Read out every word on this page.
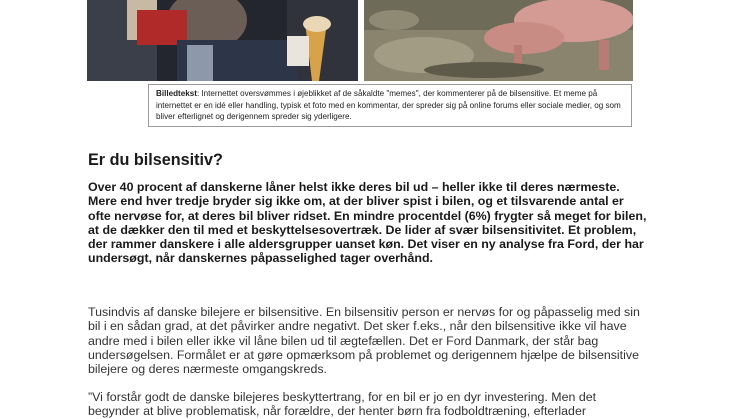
Billedtekst: Internettet oversvømmes i øjeblikket af de såkaldte "memes", der kommenterer på de bilsensitive. Et meme på internettet er en idé eller handling, typisk et foto med en kommentar, der spreder sig på online forums eller sociale medier, og som bliver efterlignet og derigennem spreder sig yderligere.
Er du bilsensitiv?

Over 40 procent af danskerne låner helst ikke deres bil ud – heller ikke til deres nærmeste. Mere end hver tredje bryder sig ikke om, at der bliver spist i bilen, og et tilsvarende antal er ofte nervøse for, at deres bil bliver ridset. En mindre procentdel (6%) frygter så meget for bilen, at de dækker den til med et beskyttelsesovertræk. De lider af svær bilsensitivitet. Et problem, der rammer danskere i alle aldersgrupper uanset køn. Det viser en ny analyse fra Ford, der har undersøgt, når danskernes påpasselighed tager overhånd.

Tusindvis af danske bilejere er bilsensitive. En bilsensitiv person er nervøs for og påpasselig med sin bil i en sådan grad, at det påvirker andre negativt. Det sker f.eks., når den bilsensitive ikke vil have andre med i bilen eller ikke vil låne bilen ud til ægtefællen. Det er Ford Danmark, der står bag undersøgelsen. Formålet er at gøre opmærksom på problemet og derigennem hjælpe de bilsensitive bilejere og deres nærmeste omgangskreds.

”Vi forstår godt de danske bilejeres beskyttertrang, for en bil er jo en dyr investering. Men det begynder at blive problematisk, når forældre, der henter børn fra fodboldtræning, efterlader
